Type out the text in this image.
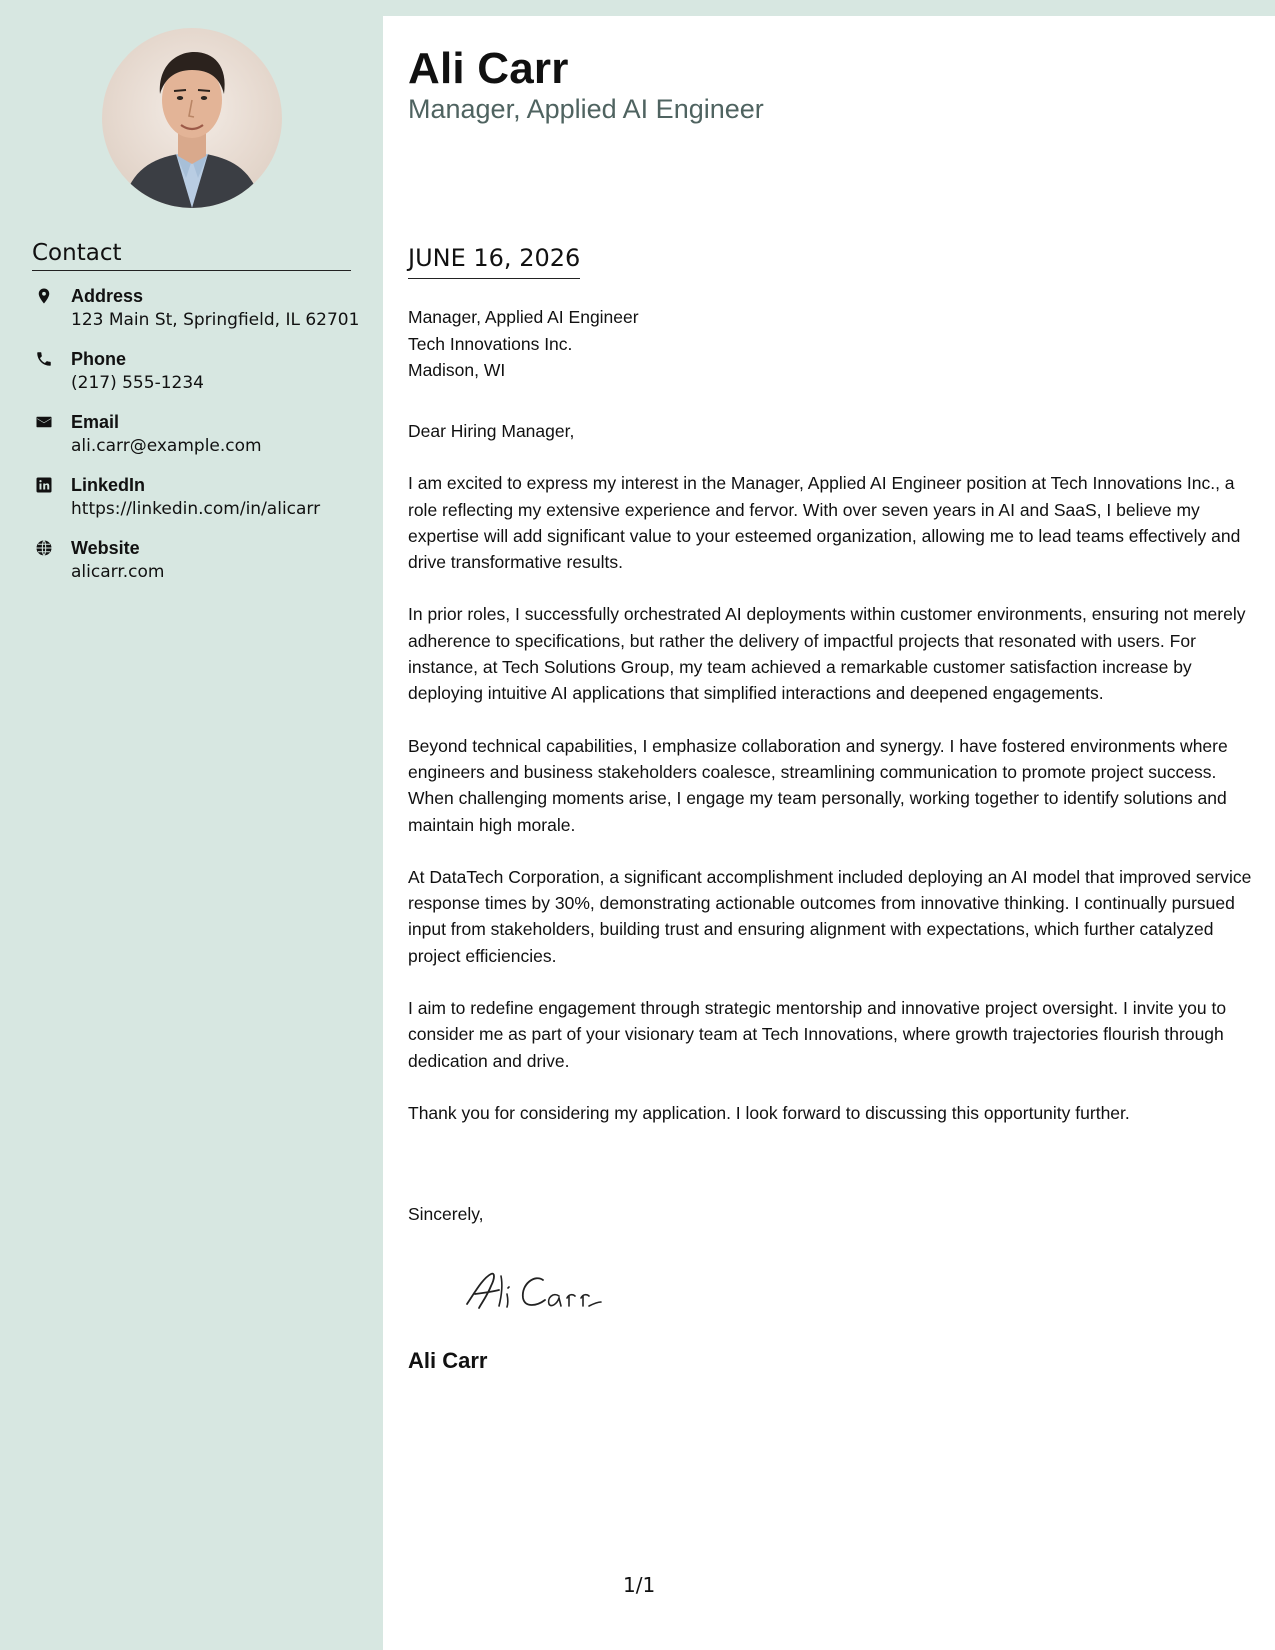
Contact
Address
123 Main St, Springfield, IL 62701
Phone
(217) 555-1234
Email
ali.carr@example.com
LinkedIn
https://linkedin.com/in/alicarr
Website
alicarr.com
Ali Carr
Manager, Applied AI Engineer
JUNE 16, 2026
Manager, Applied AI Engineer
Tech Innovations Inc.
Madison, WI

Dear Hiring Manager,

I am excited to express my interest in the Manager, Applied AI Engineer position at Tech Innovations Inc., a role reflecting my extensive experience and fervor. With over seven years in AI and SaaS, I believe my expertise will add significant value to your esteemed organization, allowing me to lead teams effectively and drive transformative results.

In prior roles, I successfully orchestrated AI deployments within customer environments, ensuring not merely adherence to specifications, but rather the delivery of impactful projects that resonated with users. For instance, at Tech Solutions Group, my team achieved a remarkable customer satisfaction increase by deploying intuitive AI applications that simplified interactions and deepened engagements.

Beyond technical capabilities, I emphasize collaboration and synergy. I have fostered environments where engineers and business stakeholders coalesce, streamlining communication to promote project success. When challenging moments arise, I engage my team personally, working together to identify solutions and maintain high morale.

At DataTech Corporation, a significant accomplishment included deploying an AI model that improved service response times by 30%, demonstrating actionable outcomes from innovative thinking. I continually pursued input from stakeholders, building trust and ensuring alignment with expectations, which further catalyzed project efficiencies.

I aim to redefine engagement through strategic mentorship and innovative project oversight. I invite you to consider me as part of your visionary team at Tech Innovations, where growth trajectories flourish through dedication and drive.

Thank you for considering my application. I look forward to discussing this opportunity further.

Sincerely,
Ali Carr
1/1
